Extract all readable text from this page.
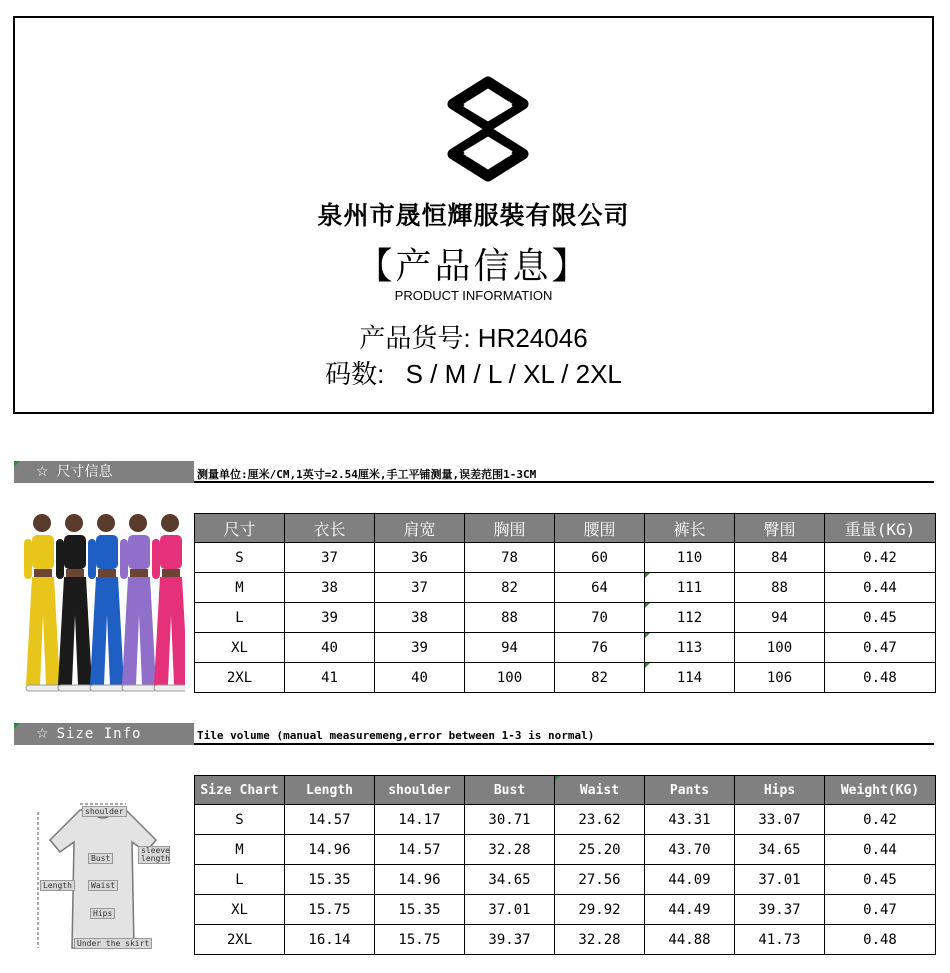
泉州市晟恒輝服裝有限公司
【产品信息】
PRODUCT INFORMATION
产品货号: HR24046
码数: S / M / L / XL / 2XL
☆ 尺寸信息	测量单位:厘米/CM,1英寸=2.54厘米,手工平铺测量,误差范围1-3CM
尺寸	衣长	肩宽	胸围	腰围	裤长	臀围	重量(KG)
S	37	36	78	60	110	84	0.42
M	38	37	82	64	111	88	0.44
L	39	38	88	70	112	94	0.45
XL	40	39	94	76	113	100	0.47
2XL	41	40	100	82	114	106	0.48
☆ Size Info	Tile volume (manual measuremeng,error between 1-3 is normal)
shoulder
Bust
sleeve length
Length	Waist
Hips
Under the skirt
Size Chart	Length	shoulder	Bust	Waist	Pants	Hips	Weight(KG)
S	14.57	14.17	30.71	23.62	43.31	33.07	0.42
M	14.96	14.57	32.28	25.20	43.70	34.65	0.44
L	15.35	14.96	34.65	27.56	44.09	37.01	0.45
XL	15.75	15.35	37.01	29.92	44.49	39.37	0.47
2XL	16.14	15.75	39.37	32.28	44.88	41.73	0.48
